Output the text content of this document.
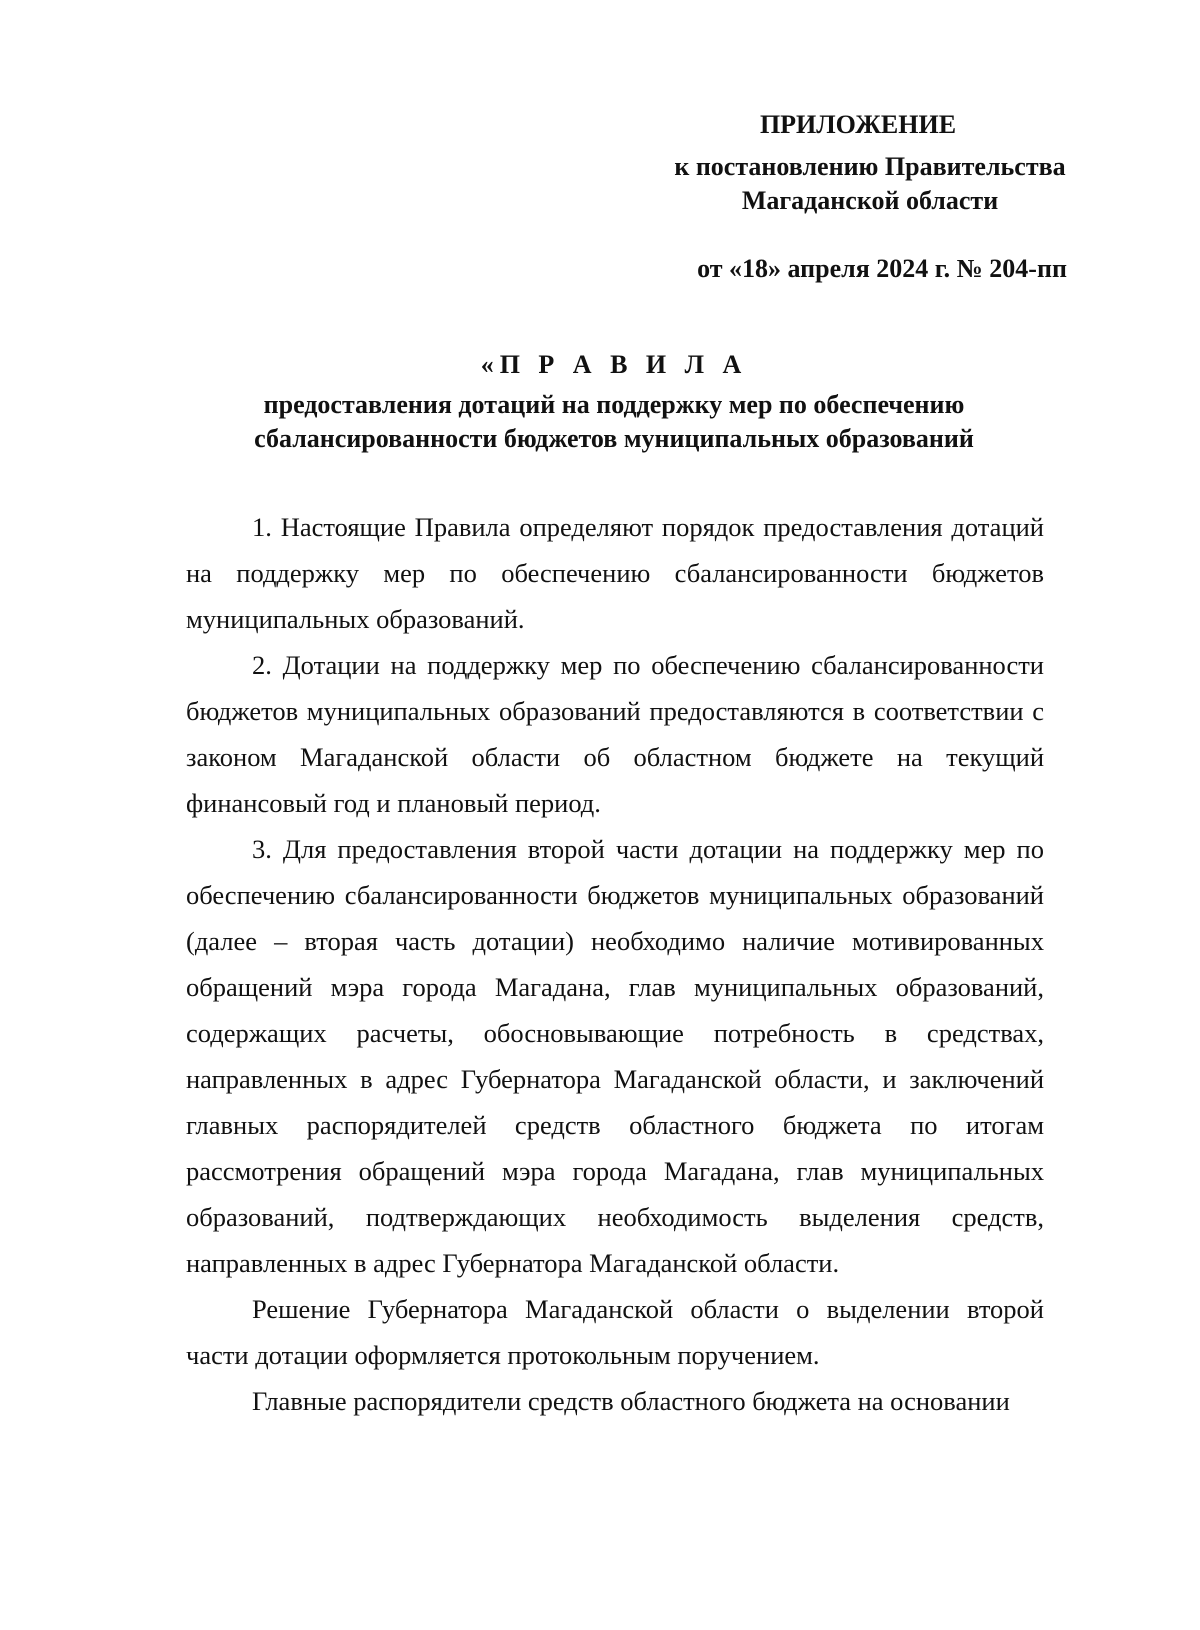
ПРИЛОЖЕНИЕ
к постановлению Правительства
Магаданской области
от «18» апреля 2024 г. № 204-пп
«П Р А В И Л А
предоставления дотаций на поддержку мер по обеспечению
сбалансированности бюджетов муниципальных образований

1. Настоящие Правила определяют порядок предоставления дотаций на поддержку мер по обеспечению сбалансированности бюджетов муниципальных образований.

2. Дотации на поддержку мер по обеспечению сбалансированности бюджетов муниципальных образований предоставляются в соответствии с законом Магаданской области об областном бюджете на текущий финансовый год и плановый период.

3. Для предоставления второй части дотации на поддержку мер по обеспечению сбалансированности бюджетов муниципальных образований (далее – вторая часть дотации) необходимо наличие мотивированных обращений мэра города Магадана, глав муниципальных образований, содержащих расчеты, обосновывающие потребность в средствах, направленных в адрес Губернатора Магаданской области, и заключений главных распорядителей средств областного бюджета по итогам рассмотрения обращений мэра города Магадана, глав муниципальных образований, подтверждающих необходимость выделения средств, направленных в адрес Губернатора Магаданской области.

Решение Губернатора Магаданской области о выделении второй части дотации оформляется протокольным поручением.

Главные распорядители средств областного бюджета на основании
